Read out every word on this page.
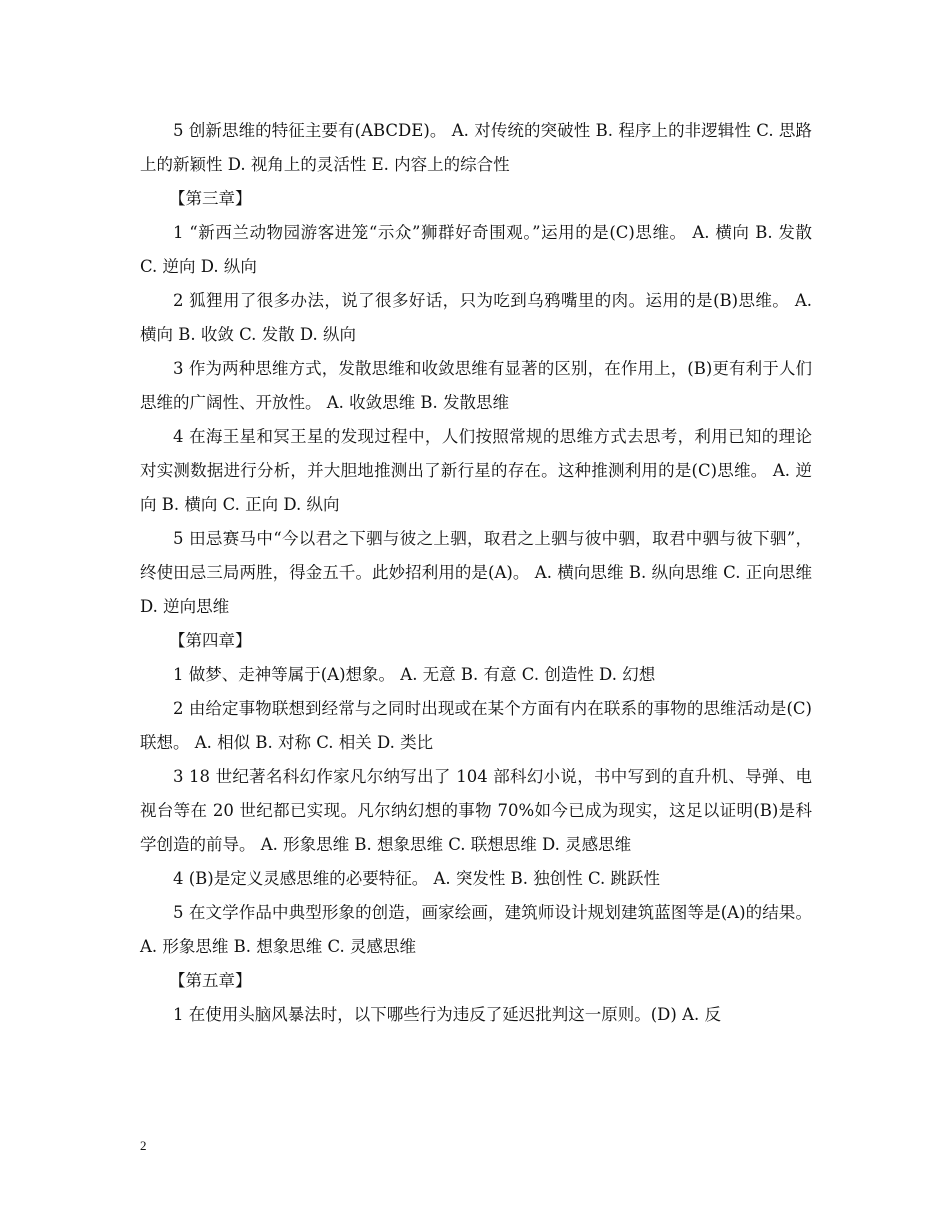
5 创新思维的特征主要有(ABCDE)。 A. 对传统的突破性 B. 程序上的非逻辑性 C. 思路上的新颖性 D. 视角上的灵活性 E. 内容上的综合性

【第三章】

1 “新西兰动物园游客进笼“示众”狮群好奇围观。”运用的是(C)思维。 A. 横向 B. 发散 C. 逆向 D. 纵向

2 狐狸用了很多办法，说了很多好话，只为吃到乌鸦嘴里的肉。运用的是(B)思维。 A. 横向 B. 收敛 C. 发散 D. 纵向

3 作为两种思维方式，发散思维和收敛思维有显著的区别，在作用上，(B)更有利于人们思维的广阔性、开放性。 A. 收敛思维 B. 发散思维

4 在海王星和冥王星的发现过程中，人们按照常规的思维方式去思考，利用已知的理论对实测数据进行分析，并大胆地推测出了新行星的存在。这种推测利用的是(C)思维。 A. 逆向 B. 横向 C. 正向 D. 纵向

5 田忌赛马中“今以君之下驷与彼之上驷，取君之上驷与彼中驷，取君中驷与彼下驷”，终使田忌三局两胜，得金五千。此妙招利用的是(A)。 A. 横向思维 B. 纵向思维 C. 正向思维 D. 逆向思维

【第四章】

1 做梦、走神等属于(A)想象。 A. 无意 B. 有意 C. 创造性 D. 幻想

2 由给定事物联想到经常与之同时出现或在某个方面有内在联系的事物的思维活动是(C)联想。 A. 相似 B. 对称 C. 相关 D. 类比

3 18 世纪著名科幻作家凡尔纳写出了 104 部科幻小说，书中写到的直升机、导弹、电视台等在 20 世纪都已实现。凡尔纳幻想的事物 70%如今已成为现实，这足以证明(B)是科学创造的前导。 A. 形象思维 B. 想象思维 C. 联想思维 D. 灵感思维

4 (B)是定义灵感思维的必要特征。 A. 突发性 B. 独创性 C. 跳跃性

5 在文学作品中典型形象的创造，画家绘画，建筑师设计规划建筑蓝图等是(A)的结果。 A. 形象思维 B. 想象思维 C. 灵感思维

【第五章】

1 在使用头脑风暴法时，以下哪些行为违反了延迟批判这一原则。(D) A. 反

2
